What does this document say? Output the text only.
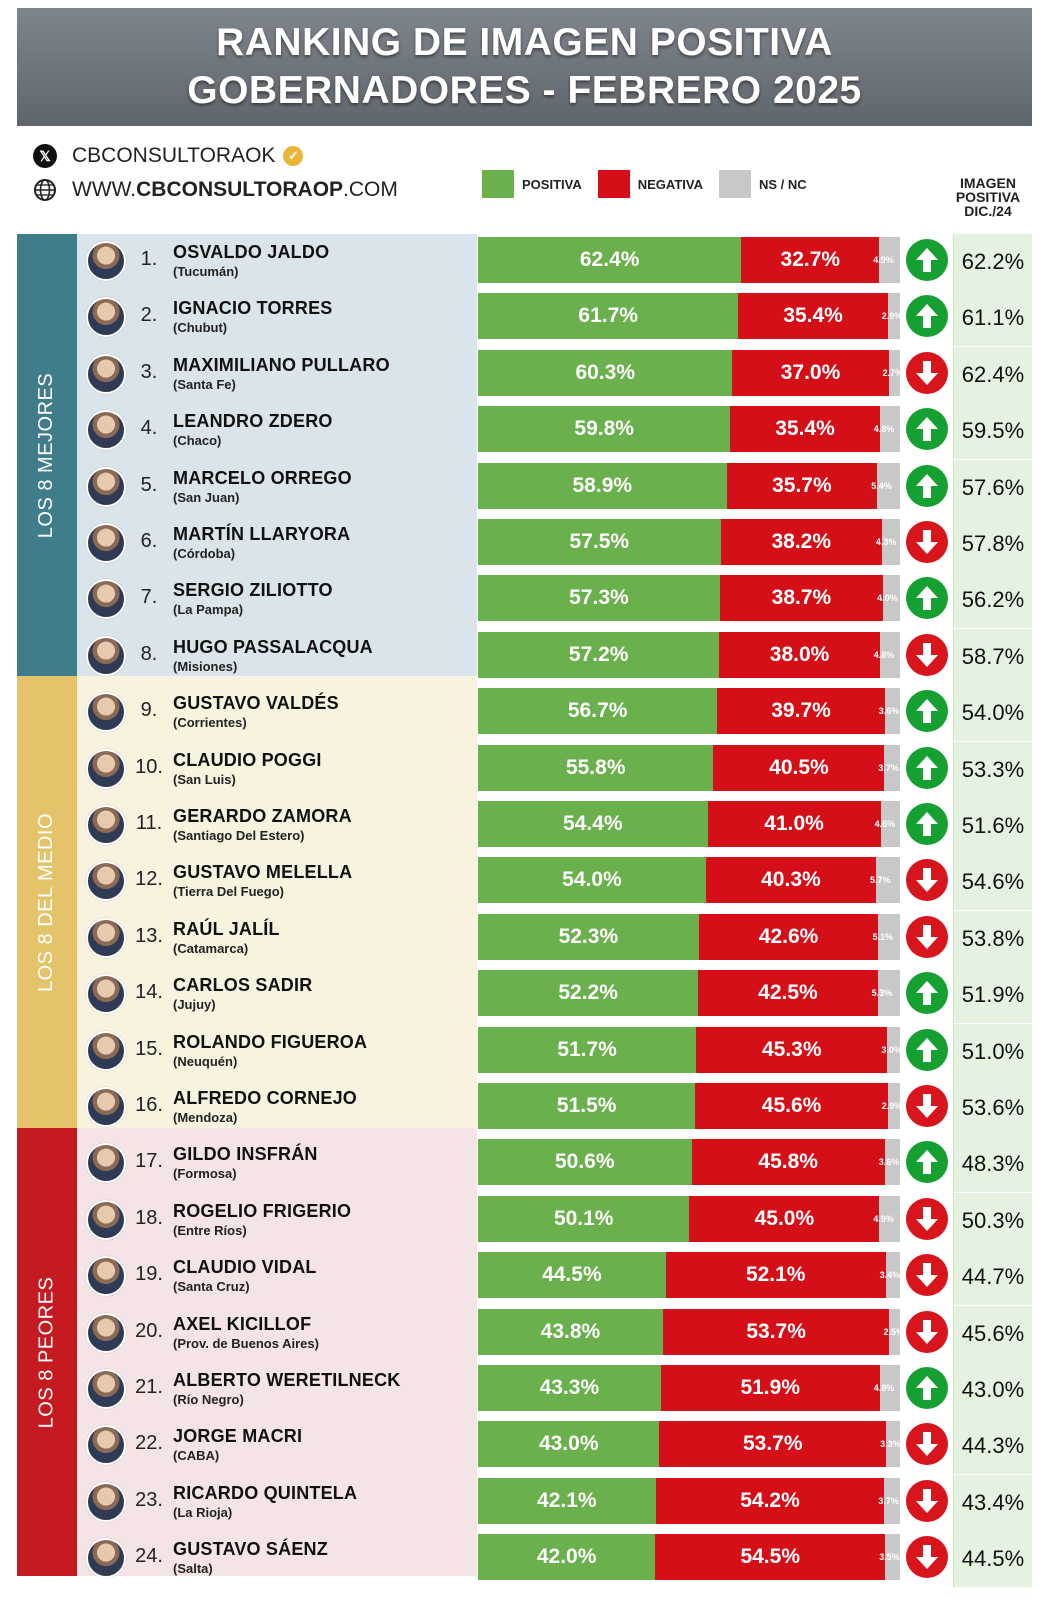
RANKING DE IMAGEN POSITIVA
GOBERNADORES - FEBRERO 2025
𝕏	CBCONSULTORAOK ✓
WWW. CBCONSULTORAOP .COM	POSITIVA	NEGATIVA	NS / NC	IMAGEN
POSITIVA
DIC./24
LOS 8 MEJORES
LOS 8 DEL MEDIO
LOS 8 PEORES
1. OSVALDO JALDO
(Tucumán)
62.4%	32.7%	4.9%	62.2%
2. IGNACIO TORRES
(Chubut)
61.7%	35.4%	2.9%	61.1%
3. MAXIMILIANO PULLARO
(Santa Fe)
60.3%	37.0%	2.7%	62.4%
4. LEANDRO ZDERO
(Chaco)
59.8%	35.4%	4.8%	59.5%
5. MARCELO ORREGO
(San Juan)
58.9%	35.7%	5.4%	57.6%
6. MARTÍN LLARYORA
(Córdoba)
57.5%	38.2%	4.3%	57.8%
7. SERGIO ZILIOTTO
(La Pampa)
57.3%	38.7%	4.0%	56.2%
8. HUGO PASSALACQUA
(Misiones)
57.2%	38.0%	4.8%	58.7%
9. GUSTAVO VALDÉS
(Corrientes)
56.7%	39.7%	3.6%	54.0%
10. CLAUDIO POGGI
(San Luis)
55.8%	40.5%	3.7%	53.3%
11. GERARDO ZAMORA
(Santiago Del Estero)
54.4%	41.0%	4.6%	51.6%
12. GUSTAVO MELELLA
(Tierra Del Fuego)
54.0%	40.3%	5.7%	54.6%
13. RAÚL JALÍL
(Catamarca)
52.3%	42.6%	5.1%	53.8%
14. CARLOS SADIR
(Jujuy)
52.2%	42.5%	5.3%	51.9%
15. ROLANDO FIGUEROA
(Neuquén)
51.7%	45.3%	3.0%	51.0%
16. ALFREDO CORNEJO
(Mendoza)
51.5%	45.6%	2.9%	53.6%
17. GILDO INSFRÁN
(Formosa)
50.6%	45.8%	3.6%	48.3%
18. ROGELIO FRIGERIO
(Entre Ríos)
50.1%	45.0%	4.9%	50.3%
19. CLAUDIO VIDAL
(Santa Cruz)
44.5%	52.1%	3.4%	44.7%
20. AXEL KICILLOF
(Prov. de Buenos Aires)
43.8%	53.7%	2.5%	45.6%
21. ALBERTO WERETILNECK
(Río Negro)
43.3%	51.9%	4.8%	43.0%
22. JORGE MACRI
(CABA)
43.0%	53.7%	3.3%	44.3%
23. RICARDO QUINTELA
(La Rioja)
42.1%	54.2%	3.7%	43.4%
24. GUSTAVO SÁENZ
(Salta)
42.0%	54.5%	3.5%	44.5%
